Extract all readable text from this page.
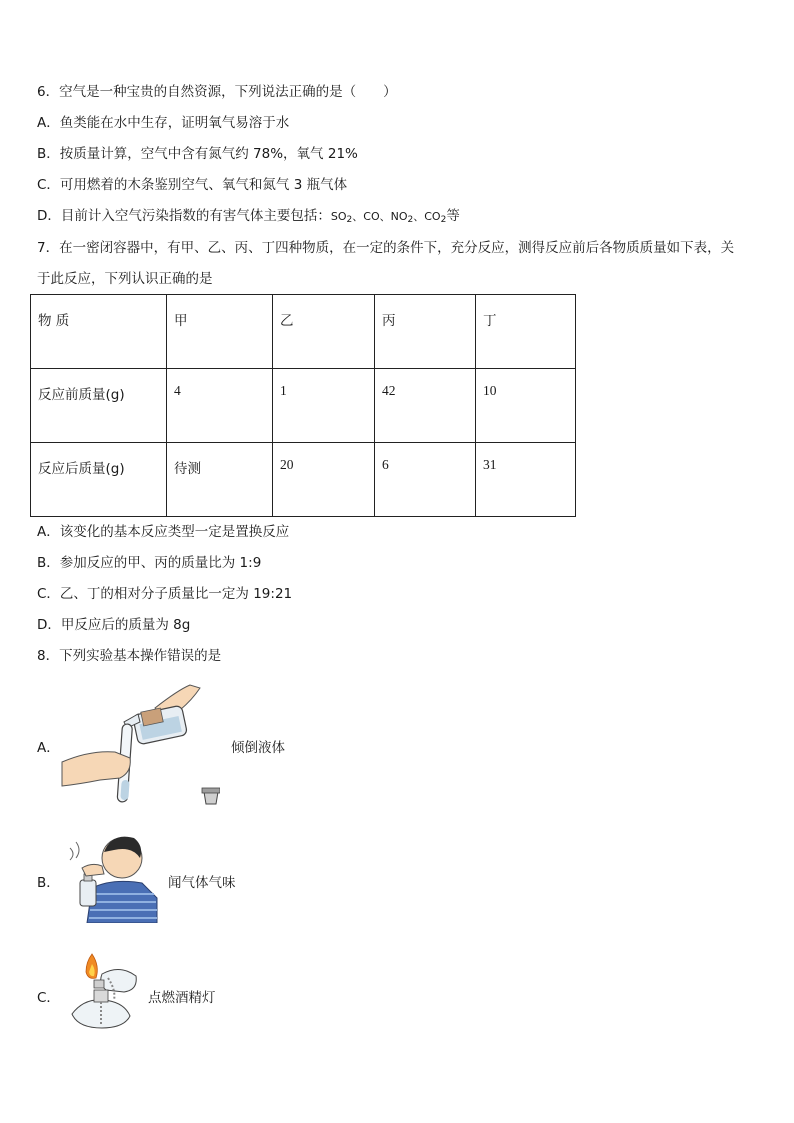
6．空气是一种宝贵的自然资源，下列说法正确的是（　　）
A．鱼类能在水中生存，证明氧气易溶于水
B．按质量计算，空气中含有氮气约 78%，氧气 21%
C．可用燃着的木条鉴别空气、氧气和氮气 3 瓶气体
D．目前计入空气污染指数的有害气体主要包括：$SO_2$、CO、$NO_2$、$CO_2$等
7．在一密闭容器中，有甲、乙、丙、丁四种物质，在一定的条件下，充分反应，测得反应前后各物质质量如下表，关
于此反应，下列认识正确的是
物 质	甲	乙	丙	丁
反应前质量(g)	4	1	42	10
反应后质量(g)	待测	20	6	31
A．该变化的基本反应类型一定是置换反应
B．参加反应的甲、丙的质量比为 1:9
C．乙、丁的相对分子质量比一定为 19:21
D．甲反应后的质量为 8g
8．下列实验基本操作错误的是
A．	倾倒液体
B．	闻气体气味
C．	点燃酒精灯
